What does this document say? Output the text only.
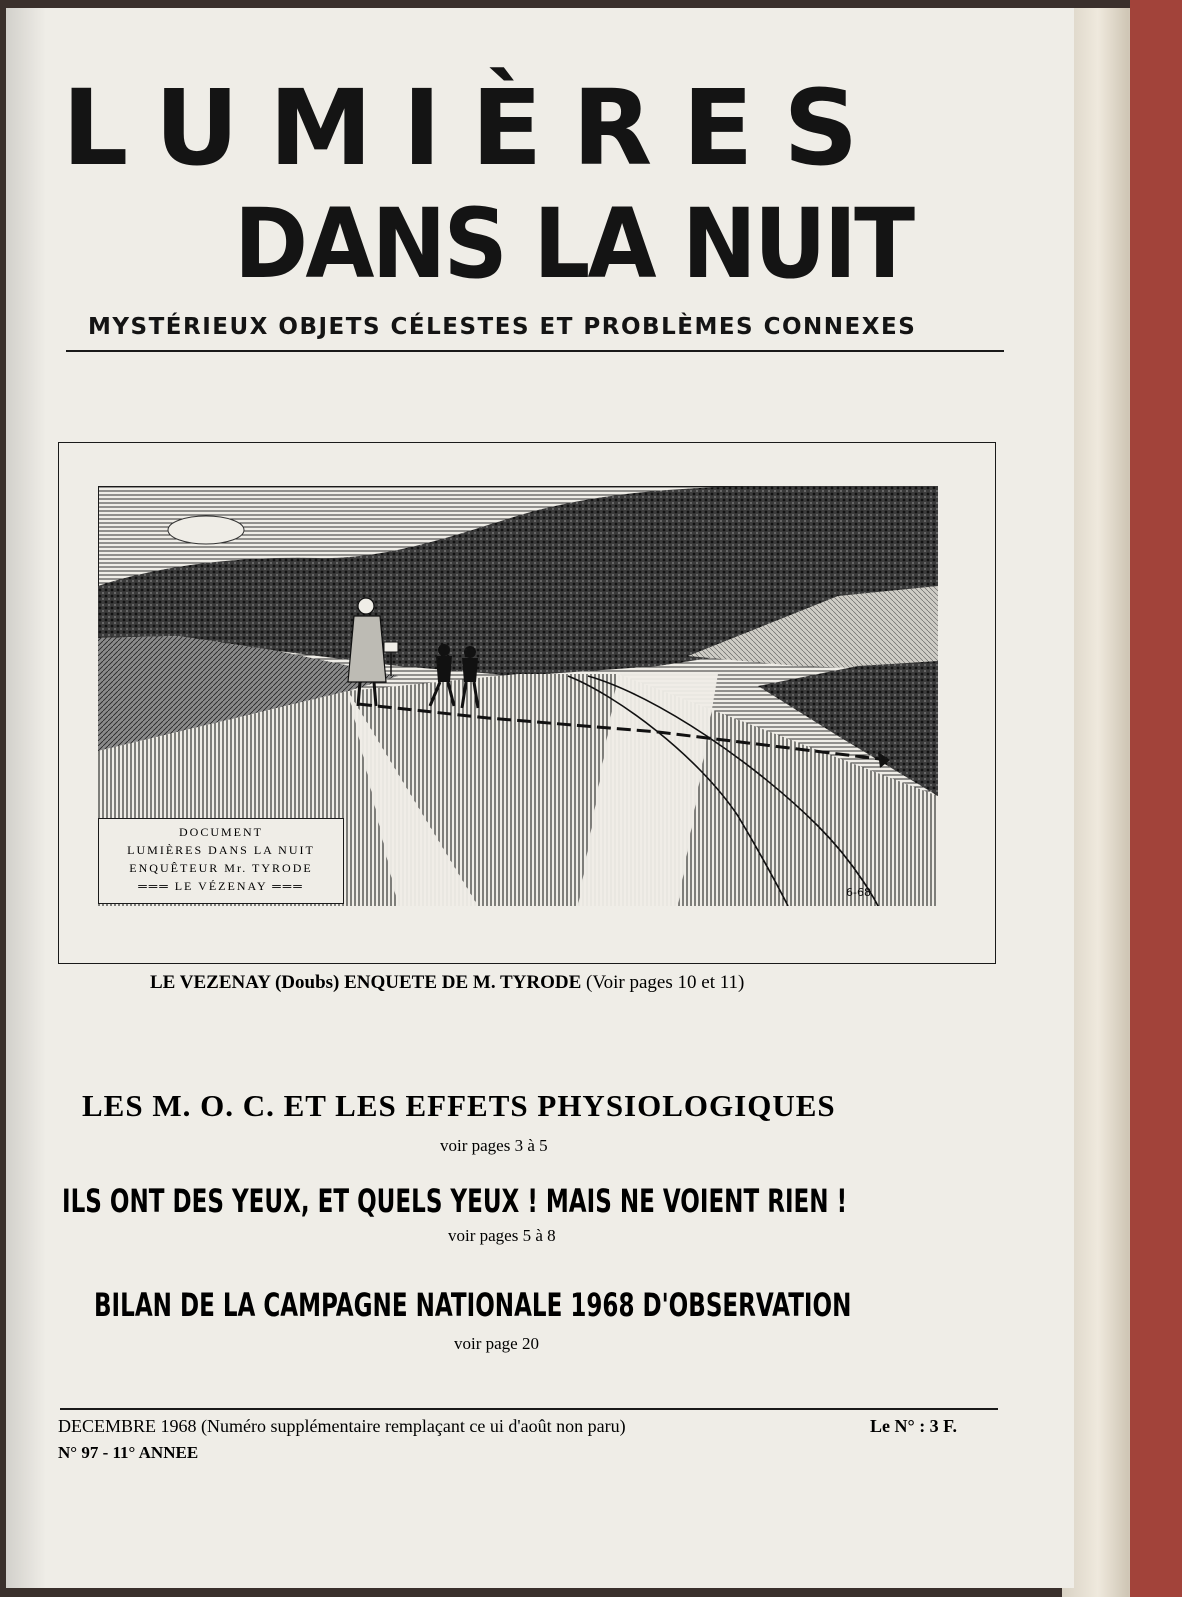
LUMIÈRES
DANS LA NUIT
MYSTÉRIEUX OBJETS CÉLESTES ET PROBLÈMES CONNEXES
6-68
DOCUMENT
LUMIÈRES DANS LA NUIT
ENQUÊTEUR Mr. TYRODE
═══ LE VÉZENAY ═══
LE VEZENAY (Doubs) ENQUETE DE M. TYRODE (Voir pages 10 et 11)
LES M. O. C. ET LES EFFETS PHYSIOLOGIQUES
voir pages 3 à 5
ILS ONT DES YEUX, ET QUELS YEUX ! MAIS NE VOIENT RIEN !
voir pages 5 à 8
BILAN DE LA CAMPAGNE NATIONALE 1968 D'OBSERVATION
voir page 20
DECEMBRE 1968 (Numéro supplémentaire remplaçant ce ui d'août non paru)	Le N° : 3 F.
N° 97 - 11° ANNEE
